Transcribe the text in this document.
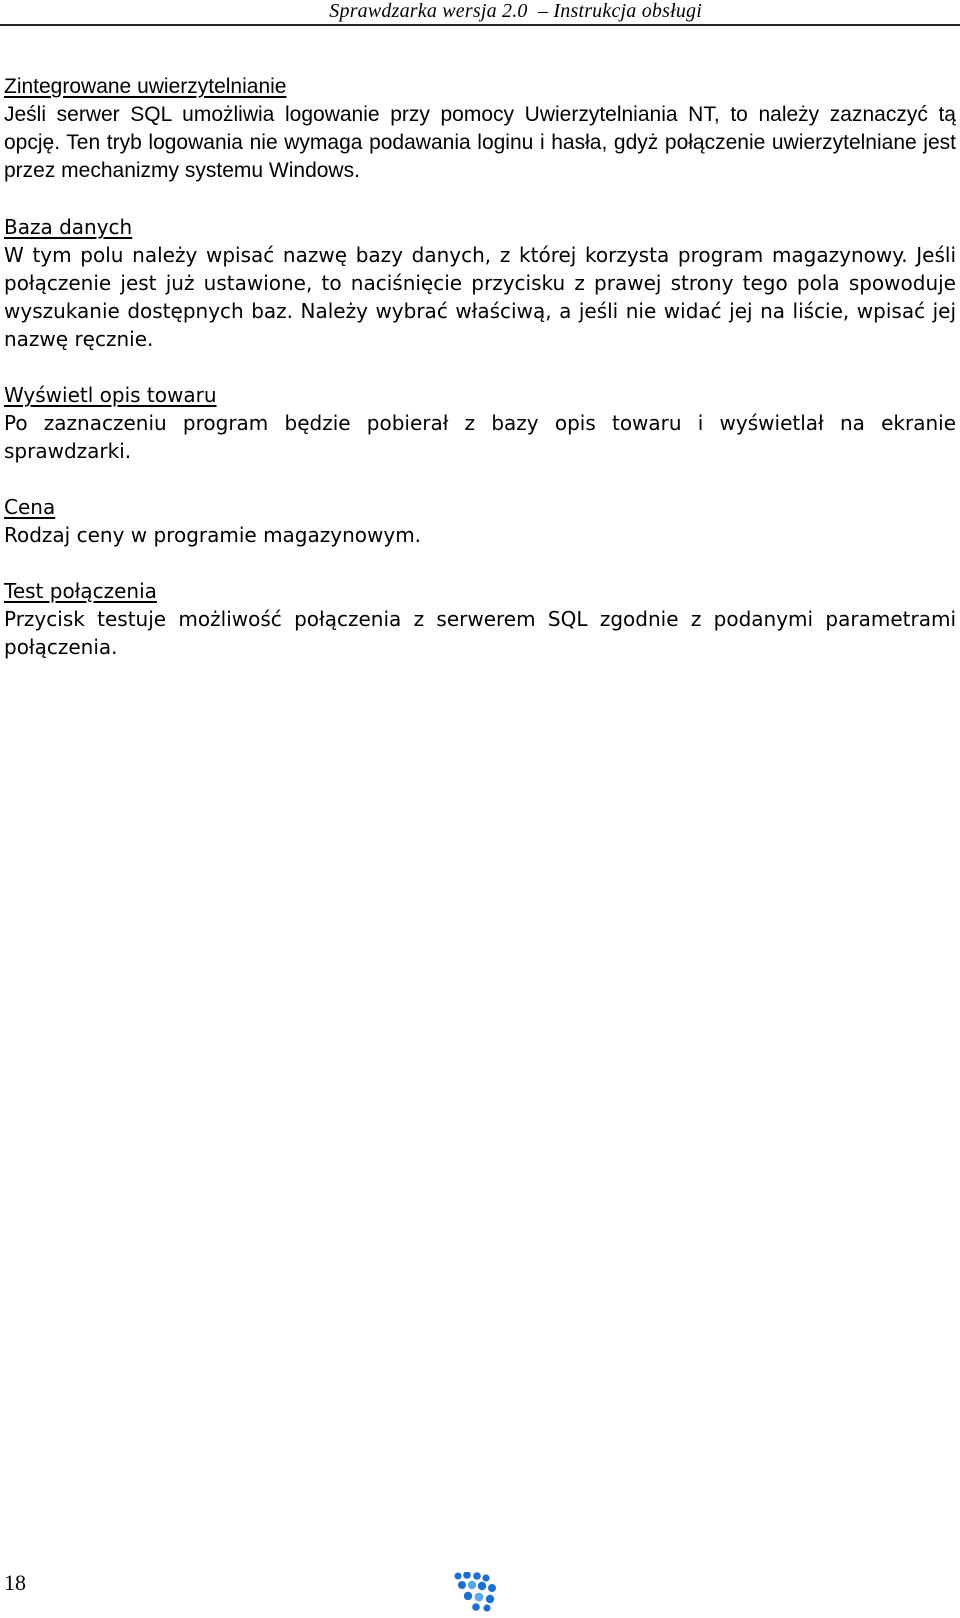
Sprawdzarka wersja 2.0  – Instrukcja obsługi
Zintegrowane uwierzytelnianie
Jeśli serwer SQL umożliwia logowanie przy pomocy Uwierzytelniania NT, to należy zaznaczyć tą opcję. Ten tryb logowania nie wymaga podawania loginu i hasła, gdyż połączenie uwierzytelniane jest przez mechanizmy systemu Windows.
Baza danych
W tym polu należy wpisać nazwę bazy danych, z której korzysta program magazynowy. Jeśli połączenie jest już ustawione, to naciśnięcie przycisku z prawej strony tego pola spowoduje wyszukanie dostępnych baz. Należy wybrać właściwą, a jeśli nie widać jej na liście, wpisać jej nazwę ręcznie.
Wyświetl opis towaru
Po zaznaczeniu program będzie pobierał z bazy opis towaru i wyświetlał na ekranie sprawdzarki.
Cena
Rodzaj ceny w programie magazynowym.
Test połączenia
Przycisk testuje możliwość połączenia z serwerem SQL zgodnie z podanymi parametrami połączenia.
18
